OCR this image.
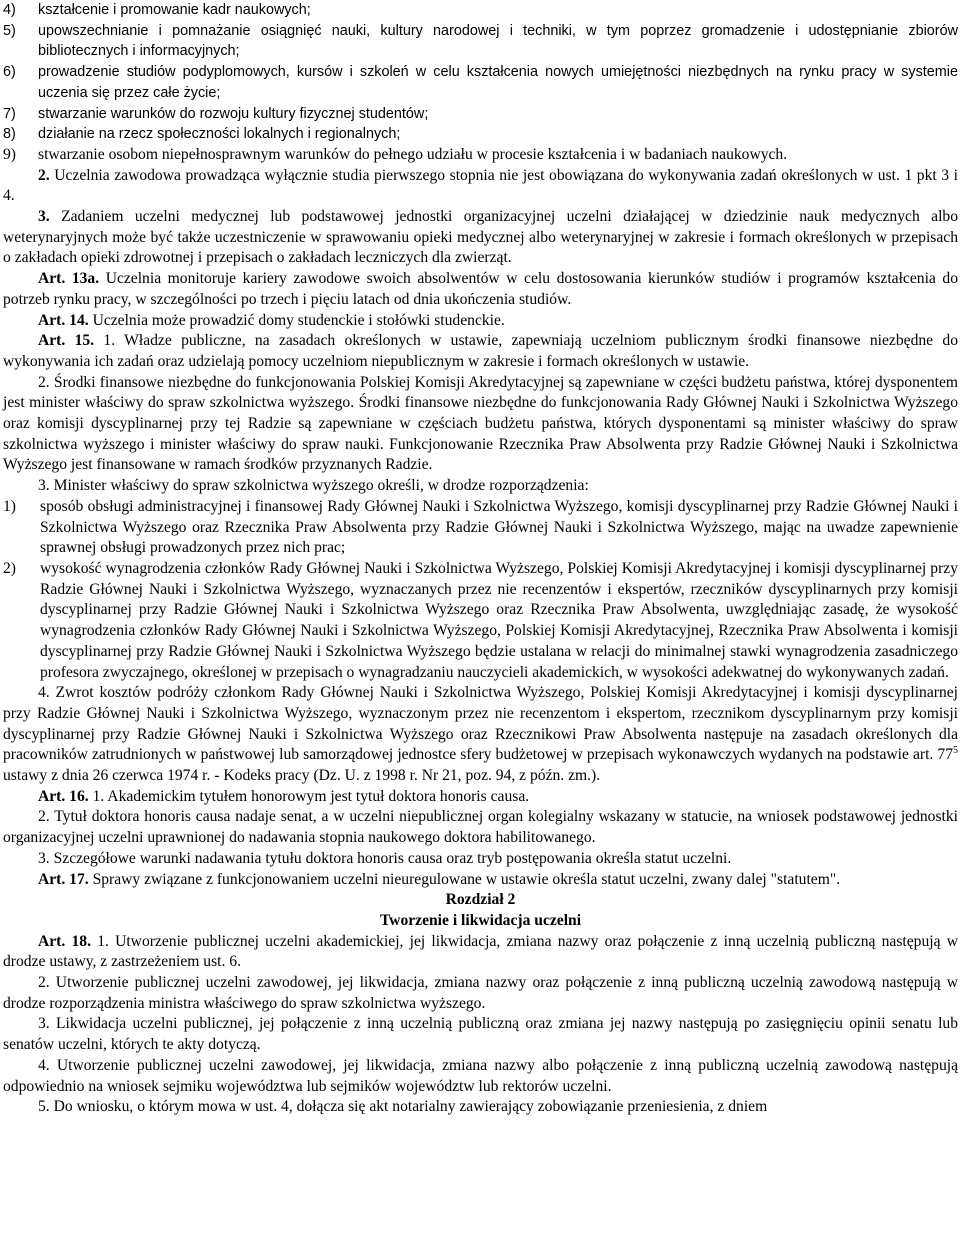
4)	kształcenie i promowanie kadr naukowych;
5)	upowszechnianie i pomnażanie osiągnięć nauki, kultury narodowej i techniki, w tym poprzez gromadzenie i udostępnianie zbiorów bibliotecznych i informacyjnych;
6)	prowadzenie studiów podyplomowych, kursów i szkoleń w celu kształcenia nowych umiejętności niezbędnych na rynku pracy w systemie uczenia się przez całe życie;
7)	stwarzanie warunków do rozwoju kultury fizycznej studentów;
8)	działanie na rzecz społeczności lokalnych i regionalnych;
9)	stwarzanie osobom niepełnosprawnym warunków do pełnego udziału w procesie kształcenia i w badaniach naukowych.

2. Uczelnia zawodowa prowadząca wyłącznie studia pierwszego stopnia nie jest obowiązana do wykonywania zadań określonych w ust. 1 pkt 3 i 4.

3. Zadaniem uczelni medycznej lub podstawowej jednostki organizacyjnej uczelni działającej w dziedzinie nauk medycznych albo weterynaryjnych może być także uczestniczenie w sprawowaniu opieki medycznej albo weterynaryjnej w zakresie i formach określonych w przepisach o zakładach opieki zdrowotnej i przepisach o zakładach leczniczych dla zwierząt.

Art. 13a. Uczelnia monitoruje kariery zawodowe swoich absolwentów w celu dostosowania kierunków studiów i programów kształcenia do potrzeb rynku pracy, w szczególności po trzech i pięciu latach od dnia ukończenia studiów.

Art. 14. Uczelnia może prowadzić domy studenckie i stołówki studenckie.

Art. 15. 1. Władze publiczne, na zasadach określonych w ustawie, zapewniają uczelniom publicznym środki finansowe niezbędne do wykonywania ich zadań oraz udzielają pomocy uczelniom niepublicznym w zakresie i formach określonych w ustawie.

2. Środki finansowe niezbędne do funkcjonowania Polskiej Komisji Akredytacyjnej są zapewniane w części budżetu państwa, której dysponentem jest minister właściwy do spraw szkolnictwa wyższego. Środki finansowe niezbędne do funkcjonowania Rady Głównej Nauki i Szkolnictwa Wyższego oraz komisji dyscyplinarnej przy tej Radzie są zapewniane w częściach budżetu państwa, których dysponentami są minister właściwy do spraw szkolnictwa wyższego i minister właściwy do spraw nauki. Funkcjonowanie Rzecznika Praw Absolwenta przy Radzie Głównej Nauki i Szkolnictwa Wyższego jest finansowane w ramach środków przyznanych Radzie.

3. Minister właściwy do spraw szkolnictwa wyższego określi, w drodze rozporządzenia:

1)	sposób obsługi administracyjnej i finansowej Rady Głównej Nauki i Szkolnictwa Wyższego, komisji dyscyplinarnej przy Radzie Głównej Nauki i Szkolnictwa Wyższego oraz Rzecznika Praw Absolwenta przy Radzie Głównej Nauki i Szkolnictwa Wyższego, mając na uwadze zapewnienie sprawnej obsługi prowadzonych przez nich prac;
2)	wysokość wynagrodzenia członków Rady Głównej Nauki i Szkolnictwa Wyższego, Polskiej Komisji Akredytacyjnej i komisji dyscyplinarnej przy Radzie Głównej Nauki i Szkolnictwa Wyższego, wyznaczanych przez nie recenzentów i ekspertów, rzeczników dyscyplinarnych przy komisji dyscyplinarnej przy Radzie Głównej Nauki i Szkolnictwa Wyższego oraz Rzecznika Praw Absolwenta, uwzględniając zasadę, że wysokość wynagrodzenia członków Rady Głównej Nauki i Szkolnictwa Wyższego, Polskiej Komisji Akredytacyjnej, Rzecznika Praw Absolwenta i komisji dyscyplinarnej przy Radzie Głównej Nauki i Szkolnictwa Wyższego będzie ustalana w relacji do minimalnej stawki wynagrodzenia zasadniczego profesora zwyczajnego, określonej w przepisach o wynagradzaniu nauczycieli akademickich, w wysokości adekwatnej do wykonywanych zadań.

4. Zwrot kosztów podróży członkom Rady Głównej Nauki i Szkolnictwa Wyższego, Polskiej Komisji Akredytacyjnej i komisji dyscyplinarnej przy Radzie Głównej Nauki i Szkolnictwa Wyższego, wyznaczonym przez nie recenzentom i ekspertom, rzecznikom dyscyplinarnym przy komisji dyscyplinarnej przy Radzie Głównej Nauki i Szkolnictwa Wyższego oraz Rzecznikowi Praw Absolwenta następuje na zasadach określonych dla pracowników zatrudnionych w państwowej lub samorządowej jednostce sfery budżetowej w przepisach wykonawczych wydanych na podstawie art. $77^5$ ustawy z dnia 26 czerwca 1974 r. - Kodeks pracy (Dz. U. z 1998 r. Nr 21, poz. 94, z późn. zm.).

Art. 16. 1. Akademickim tytułem honorowym jest tytuł doktora honoris causa.

2. Tytuł doktora honoris causa nadaje senat, a w uczelni niepublicznej organ kolegialny wskazany w statucie, na wniosek podstawowej jednostki organizacyjnej uczelni uprawnionej do nadawania stopnia naukowego doktora habilitowanego.

3. Szczegółowe warunki nadawania tytułu doktora honoris causa oraz tryb postępowania określa statut uczelni.

Art. 17. Sprawy związane z funkcjonowaniem uczelni nieuregulowane w ustawie określa statut uczelni, zwany dalej "statutem".

Rozdział 2

Tworzenie i likwidacja uczelni

Art. 18. 1. Utworzenie publicznej uczelni akademickiej, jej likwidacja, zmiana nazwy oraz połączenie z inną uczelnią publiczną następują w drodze ustawy, z zastrzeżeniem ust. 6.

2. Utworzenie publicznej uczelni zawodowej, jej likwidacja, zmiana nazwy oraz połączenie z inną publiczną uczelnią zawodową następują w drodze rozporządzenia ministra właściwego do spraw szkolnictwa wyższego.

3. Likwidacja uczelni publicznej, jej połączenie z inną uczelnią publiczną oraz zmiana jej nazwy następują po zasięgnięciu opinii senatu lub senatów uczelni, których te akty dotyczą.

4. Utworzenie publicznej uczelni zawodowej, jej likwidacja, zmiana nazwy albo połączenie z inną publiczną uczelnią zawodową następują odpowiednio na wniosek sejmiku województwa lub sejmików województw lub rektorów uczelni.

5. Do wniosku, o którym mowa w ust. 4, dołącza się akt notarialny zawierający zobowiązanie przeniesienia, z dniem
